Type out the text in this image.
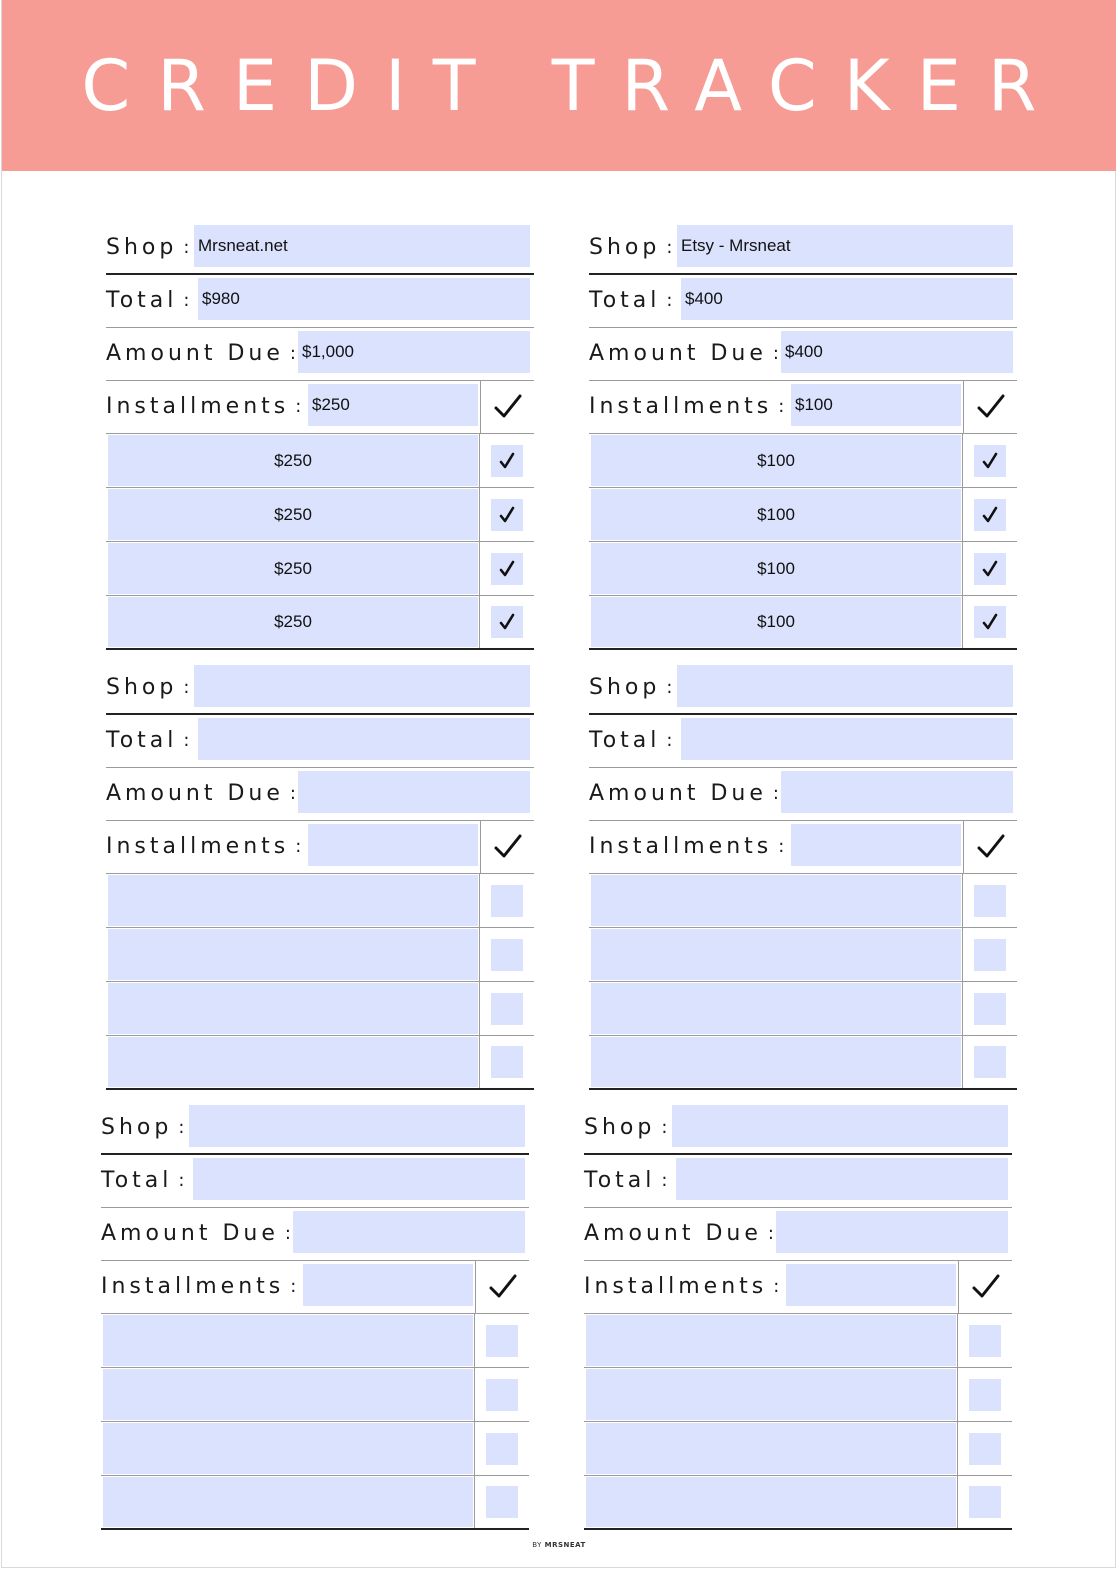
CREDIT TRACKER
Shop : Mrsneat.net
Total : $980
Amount Due : $1,000
Installments : $250
$250
$250
$250
$250
Shop : Etsy - Mrsneat
Total : $400
Amount Due : $400
Installments : $100
$100
$100
$100
$100
Shop :
Total :
Amount Due :
Installments :
Shop :
Total :
Amount Due :
Installments :
Shop :
Total :
Amount Due :
Installments :
Shop :
Total :
Amount Due :
Installments :
BY MRSNEAT
